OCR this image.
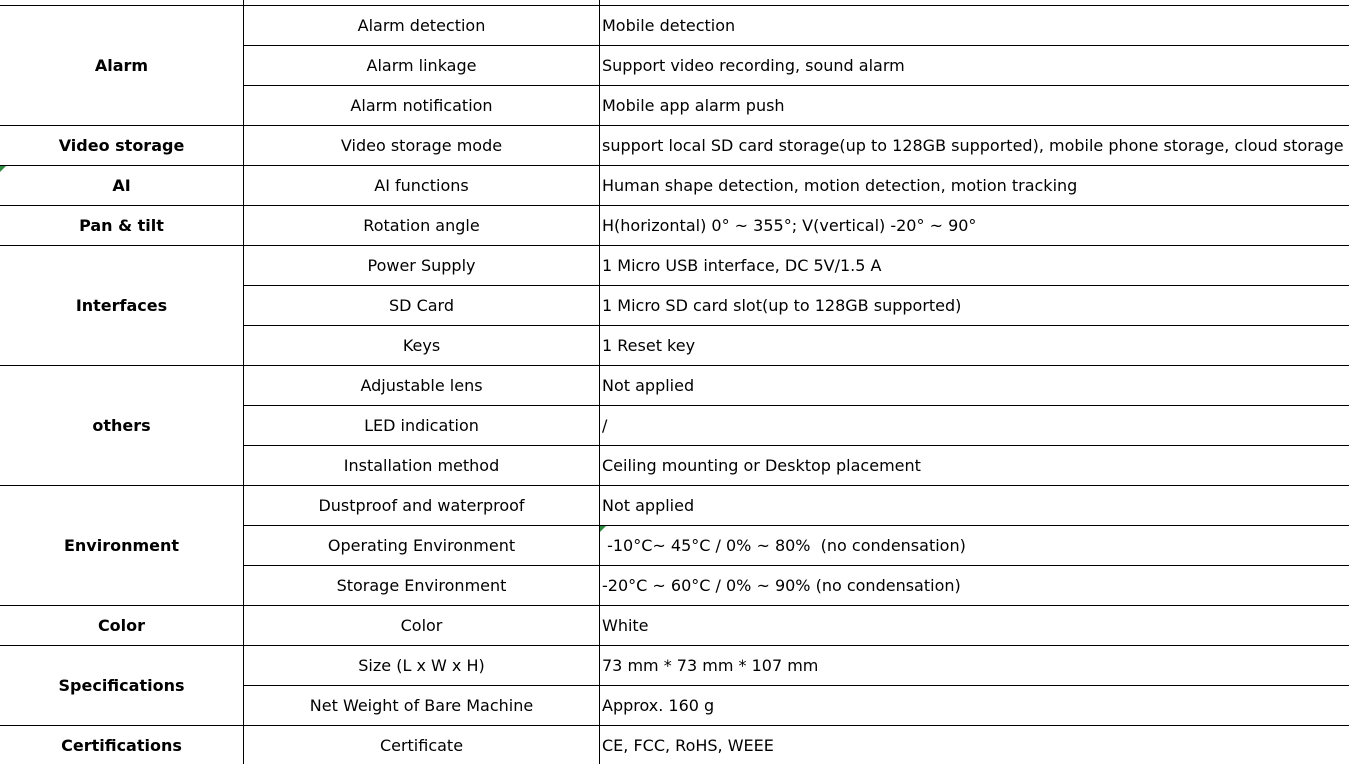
Alarm	Alarm detection	Mobile detection
	Alarm linkage	Support video recording, sound alarm
	Alarm notification	Mobile app alarm push
Video storage	Video storage mode	support local SD card storage(up to 128GB supported), mobile phone storage, cloud storage
AI	AI functions	Human shape detection, motion detection, motion tracking
Pan & tilt	Rotation angle	H(horizontal) 0° ~ 355°; V(vertical) -20° ~ 90°
Interfaces	Power Supply	1 Micro USB interface, DC 5V/1.5 A
	SD Card	1 Micro SD card slot(up to 128GB supported)
	Keys	1 Reset key
others	Adjustable lens	Not applied
	LED indication	/
	Installation method	Ceiling mounting or Desktop placement
Environment	Dustproof and waterproof	Not applied
	Operating Environment	-10°C~ 45°C / 0% ~ 80%  (no condensation)
	Storage Environment	-20°C ~ 60°C / 0% ~ 90% (no condensation)
Color	Color	White
Specifications	Size (L x W x H)	73 mm * 73 mm * 107 mm
	Net Weight of Bare Machine	Approx. 160 g
Certifications	Certificate	CE, FCC, RoHS, WEEE
